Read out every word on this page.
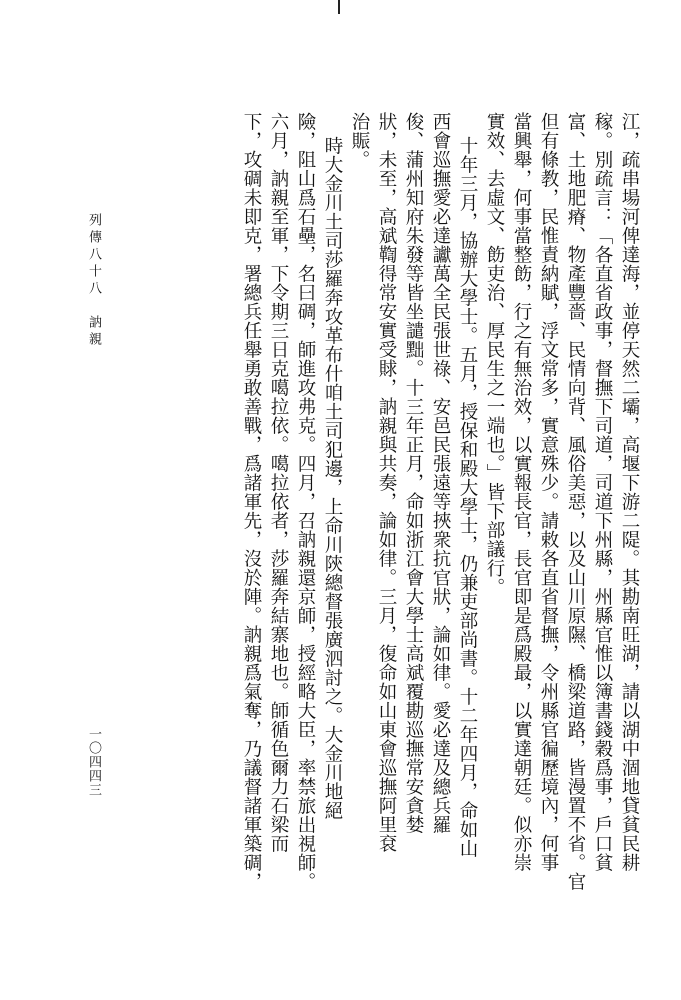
江，疏串場河俾達海，並停天然二壩，高堰下游二隄。其勘南旺湖，請以湖中涸地貸貧民耕
稼。別疏言：「各直省政事，督撫下司道，司道下州縣，州縣官惟以簿書錢穀爲事，戶口貧
富、土地肥瘠、物產豐嗇、民情向背、風俗美惡，以及山川原隰、橋梁道路，皆漫置不省。官
但有條教，民惟責納賦，浮文常多，實意殊少。請敕各直省督撫，令州縣官徧歷境內，何事
當興舉，何事當整飭，行之有無治效，以實報長官，長官即是爲殿最，以實達朝廷。似亦崇
實效、去虛文、飭吏治、厚民生之一端也。」皆下部議行。
十年三月，協辦大學士。五月，授保和殿大學士，仍兼吏部尚書。十二年四月，命如山
西會巡撫愛必達讞萬全民張世祿、安邑民張遠等挾衆抗官狀，論如律。愛必達及總兵羅
俊、蒲州知府朱發等皆坐譴黜。十三年正月，命如浙江會大學士高斌覆勘巡撫常安貪婪
狀，未至，高斌鞫得常安實受賕，訥親與共奏，論如律。三月，復命如山東會巡撫阿里袞
治賑。
時大金川土司莎羅奔攻革布什咱土司犯邊，上命川陝總督張廣泗討之。大金川地絕
險，阻山爲石壘，名曰碉，師進攻弗克。四月，召訥親還京師，授經略大臣，率禁旅出視師。
六月，訥親至軍，下令期三日克噶拉依。噶拉依者，莎羅奔結寨地也。師循色爾力石梁而
下，攻碉未即克，署總兵任舉勇敢善戰，爲諸軍先，沒於陣。訥親爲氣奪，乃議督諸軍築碉，
列傳八十八　訥親
一〇四四三
